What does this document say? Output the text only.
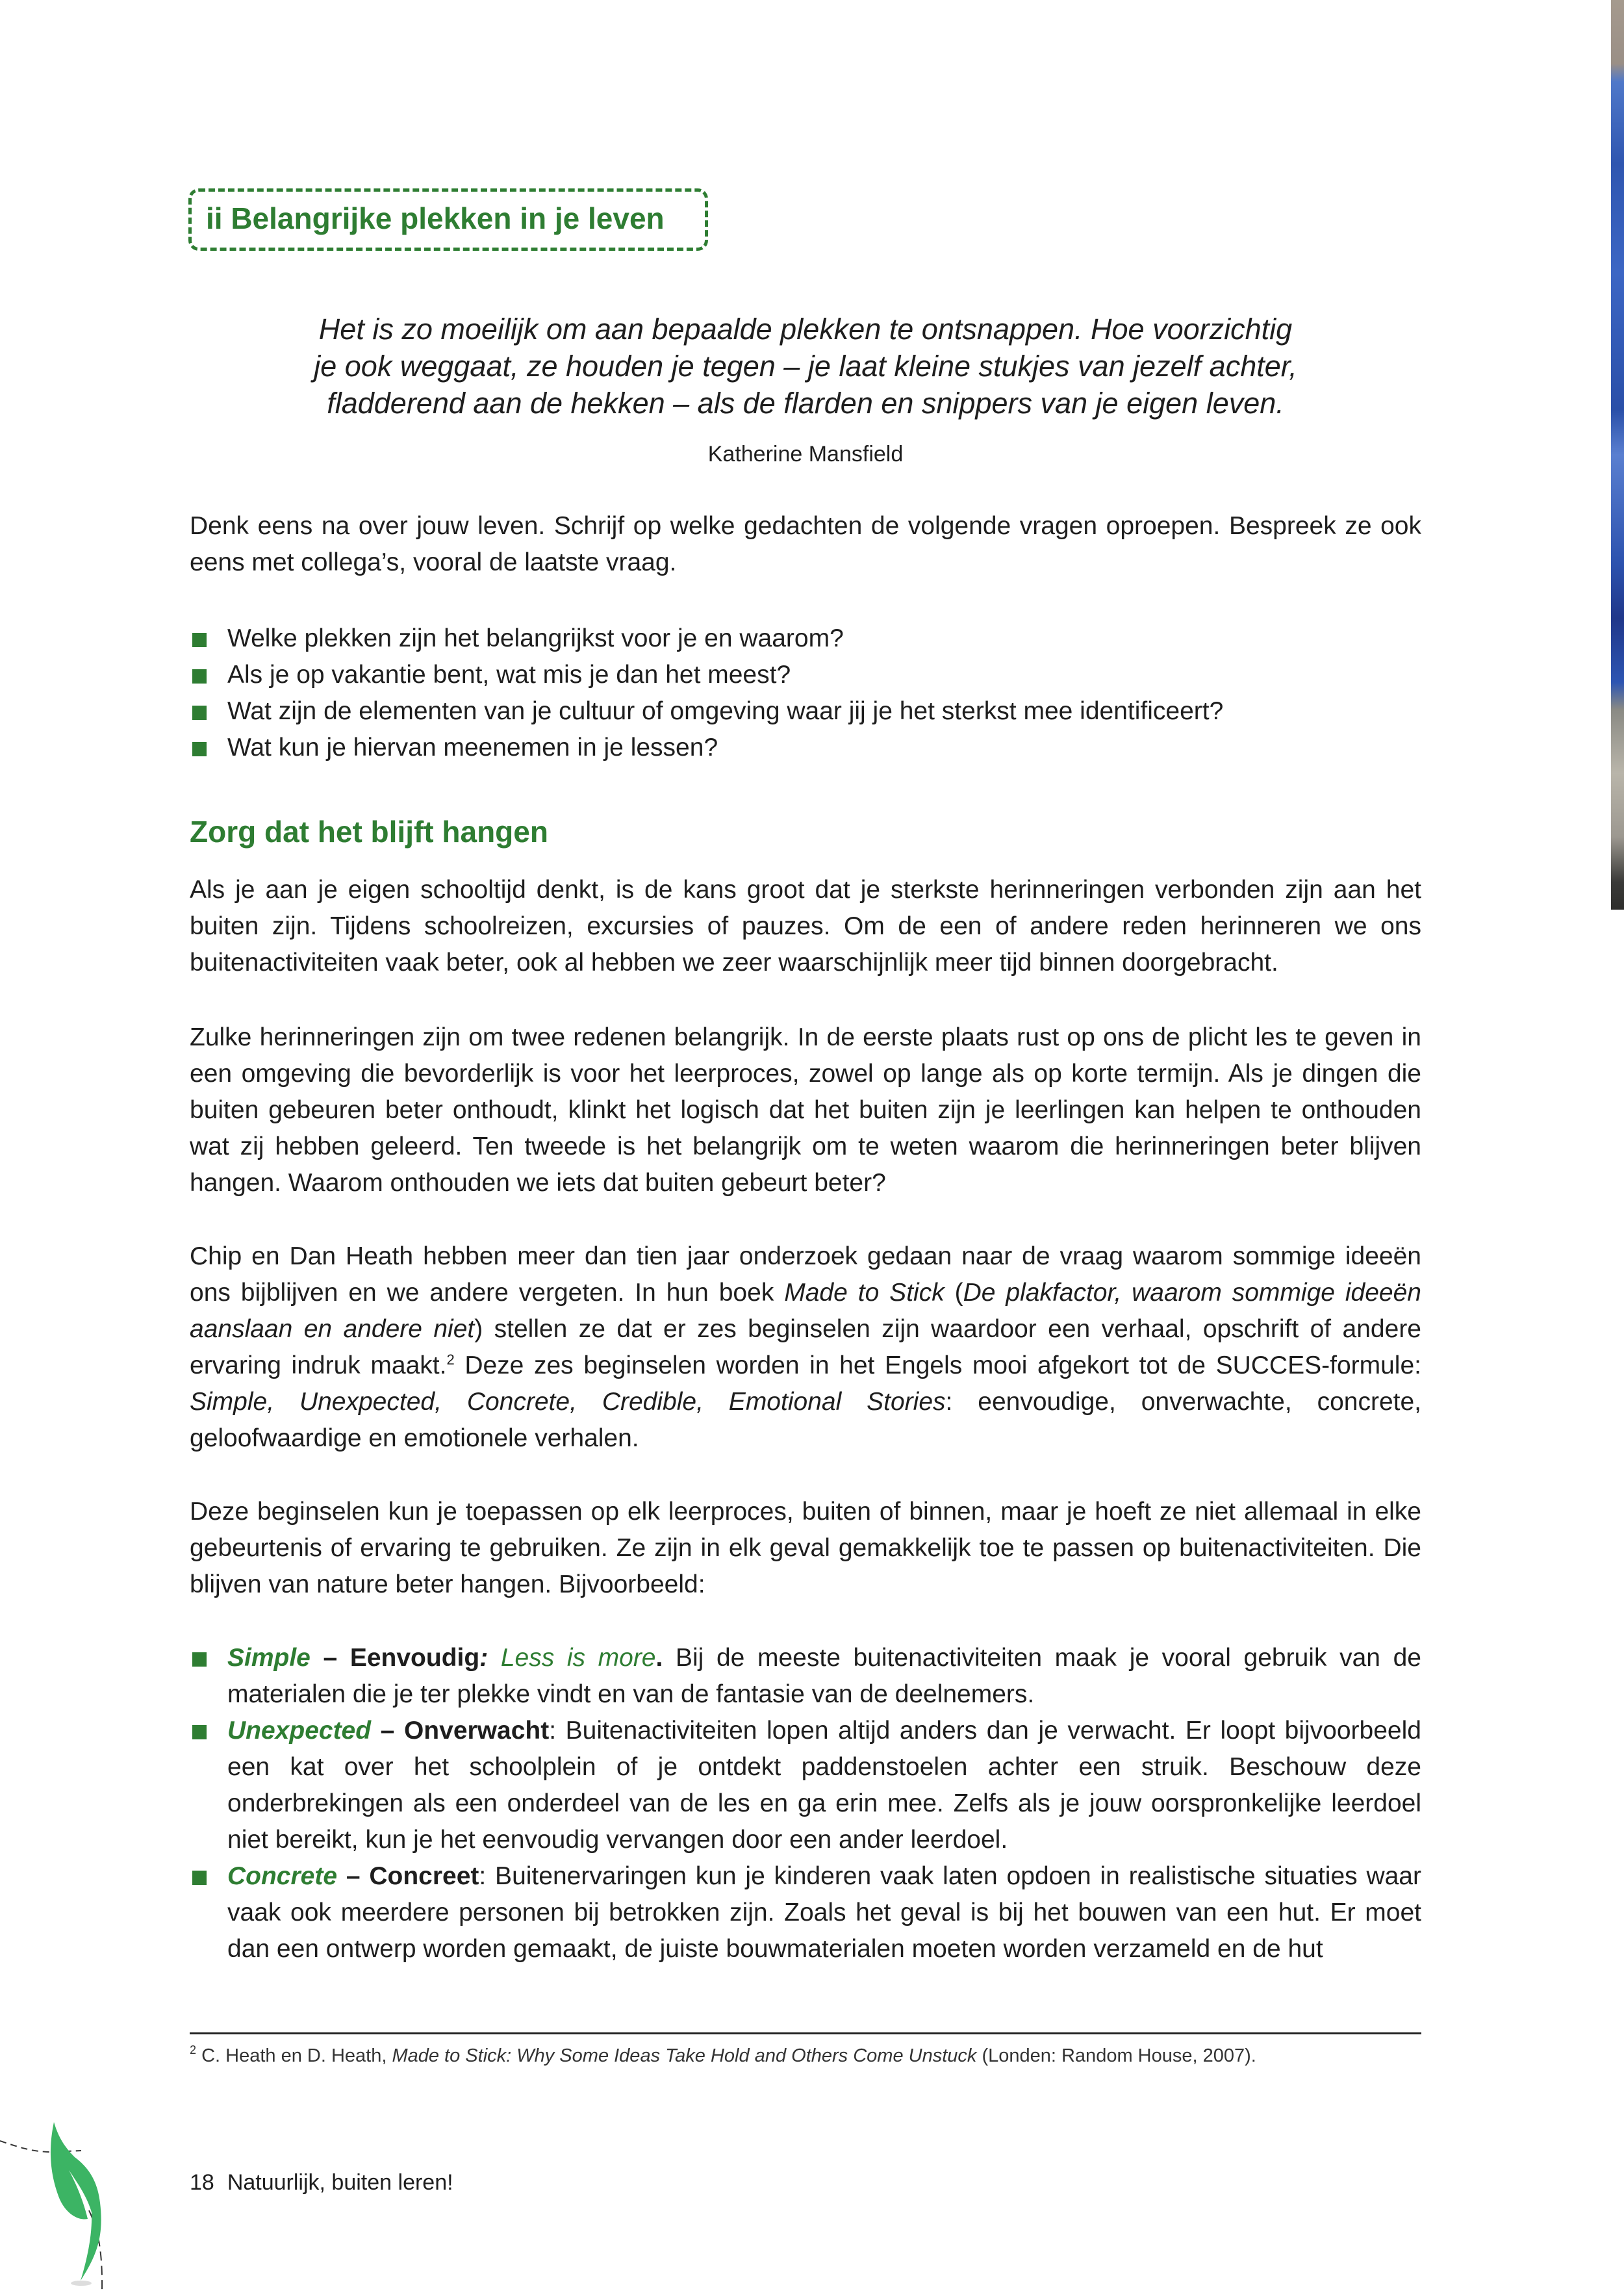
ii Belangrijke plekken in je leven

Het is zo moeilijk om aan bepaalde plekken te ontsnappen. Hoe voorzichtig

je ook weggaat, ze houden je tegen – je laat kleine stukjes van jezelf achter,

fladderend aan de hekken – als de flarden en snippers van je eigen leven.

Katherine Mansfield

Denk eens na over jouw leven. Schrijf op welke gedachten de volgende vragen oproepen. Bespreek ze ook eens met collega’s, vooral de laatste vraag.

Welke plekken zijn het belangrijkst voor je en waarom?
Als je op vakantie bent, wat mis je dan het meest?
Wat zijn de elementen van je cultuur of omgeving waar jij je het sterkst mee identificeert?
Wat kun je hiervan meenemen in je lessen?
Zorg dat het blijft hangen

Als je aan je eigen schooltijd denkt, is de kans groot dat je sterkste herinneringen verbonden zijn aan het buiten zijn. Tijdens schoolreizen, excursies of pauzes. Om de een of andere reden herinneren we ons buitenactiviteiten vaak beter, ook al hebben we zeer waarschijnlijk meer tijd binnen doorgebracht.

Zulke herinneringen zijn om twee redenen belangrijk. In de eerste plaats rust op ons de plicht les te geven in een omgeving die bevorderlijk is voor het leerproces, zowel op lange als op korte termijn. Als je dingen die buiten gebeuren beter onthoudt, klinkt het logisch dat het buiten zijn je leerlingen kan helpen te onthouden wat zij hebben geleerd. Ten tweede is het belangrijk om te weten waarom die herinneringen beter blijven hangen. Waarom onthouden we iets dat buiten gebeurt beter?

Chip en Dan Heath hebben meer dan tien jaar onderzoek gedaan naar de vraag waarom sommige ideeën ons bijblijven en we andere vergeten. In hun boek Made to Stick (De plakfactor, waarom sommige ideeën aanslaan en andere niet) stellen ze dat er zes beginselen zijn waardoor een verhaal, opschrift of andere ervaring indruk maakt.$^2$ Deze zes beginselen worden in het Engels mooi afgekort tot de SUCCES-formule: Simple, Unexpected, Concrete, Credible, Emotional Stories: eenvoudige, onverwachte, concrete, geloofwaardige en emotionele verhalen.

Deze beginselen kun je toepassen op elk leerproces, buiten of binnen, maar je hoeft ze niet allemaal in elke gebeurtenis of ervaring te gebruiken. Ze zijn in elk geval gemakkelijk toe te passen op buitenactiviteiten. Die blijven van nature beter hangen. Bijvoorbeeld:

Simple – Eenvoudig: Less is more. Bij de meeste buitenactiviteiten maak je vooral gebruik van de materialen die je ter plekke vindt en van de fantasie van de deelnemers.
Unexpected – Onverwacht: Buitenactiviteiten lopen altijd anders dan je verwacht. Er loopt bijvoorbeeld een kat over het schoolplein of je ontdekt paddenstoelen achter een struik. Beschouw deze onderbrekingen als een onderdeel van de les en ga erin mee. Zelfs als je jouw oorspronkelijke leerdoel niet bereikt, kun je het eenvoudig vervangen door een ander leerdoel.
Concrete – Concreet: Buitenervaringen kun je kinderen vaak laten opdoen in realistische situaties waar vaak ook meerdere personen bij betrokken zijn. Zoals het geval is bij het bouwen van een hut. Er moet dan een ontwerp worden gemaakt, de juiste bouwmaterialen moeten worden verzameld en de hut
$^2$ C. Heath en D. Heath, Made to Stick: Why Some Ideas Take Hold and Others Come Unstuck (Londen: Random House, 2007).
18 Natuurlijk, buiten leren!
